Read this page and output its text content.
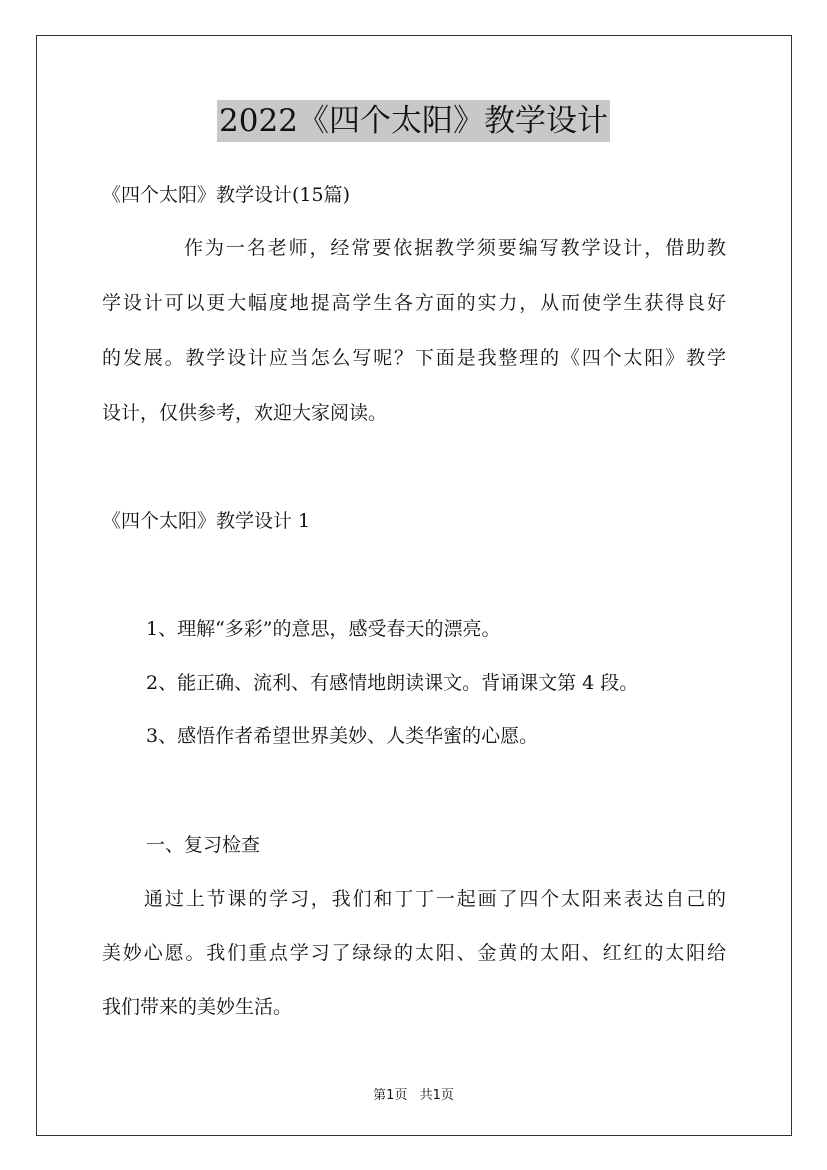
2022《四个太阳》教学设计
《四个太阳》教学设计(15篇)
作为一名老师，经常要依据教学须要编写教学设计，借助教
学设计可以更大幅度地提高学生各方面的实力，从而使学生获得良好
的发展。教学设计应当怎么写呢？下面是我整理的《四个太阳》教学
设计，仅供参考，欢迎大家阅读。
《四个太阳》教学设计 1
1、理解“多彩”的意思，感受春天的漂亮。
2、能正确、流利、有感情地朗读课文。背诵课文第 4 段。
3、感悟作者希望世界美妙、人类华蜜的心愿。
一、复习检查
通过上节课的学习，我们和丁丁一起画了四个太阳来表达自己的
美妙心愿。我们重点学习了绿绿的太阳、金黄的太阳、红红的太阳给
我们带来的美妙生活。
第1页 共1页
